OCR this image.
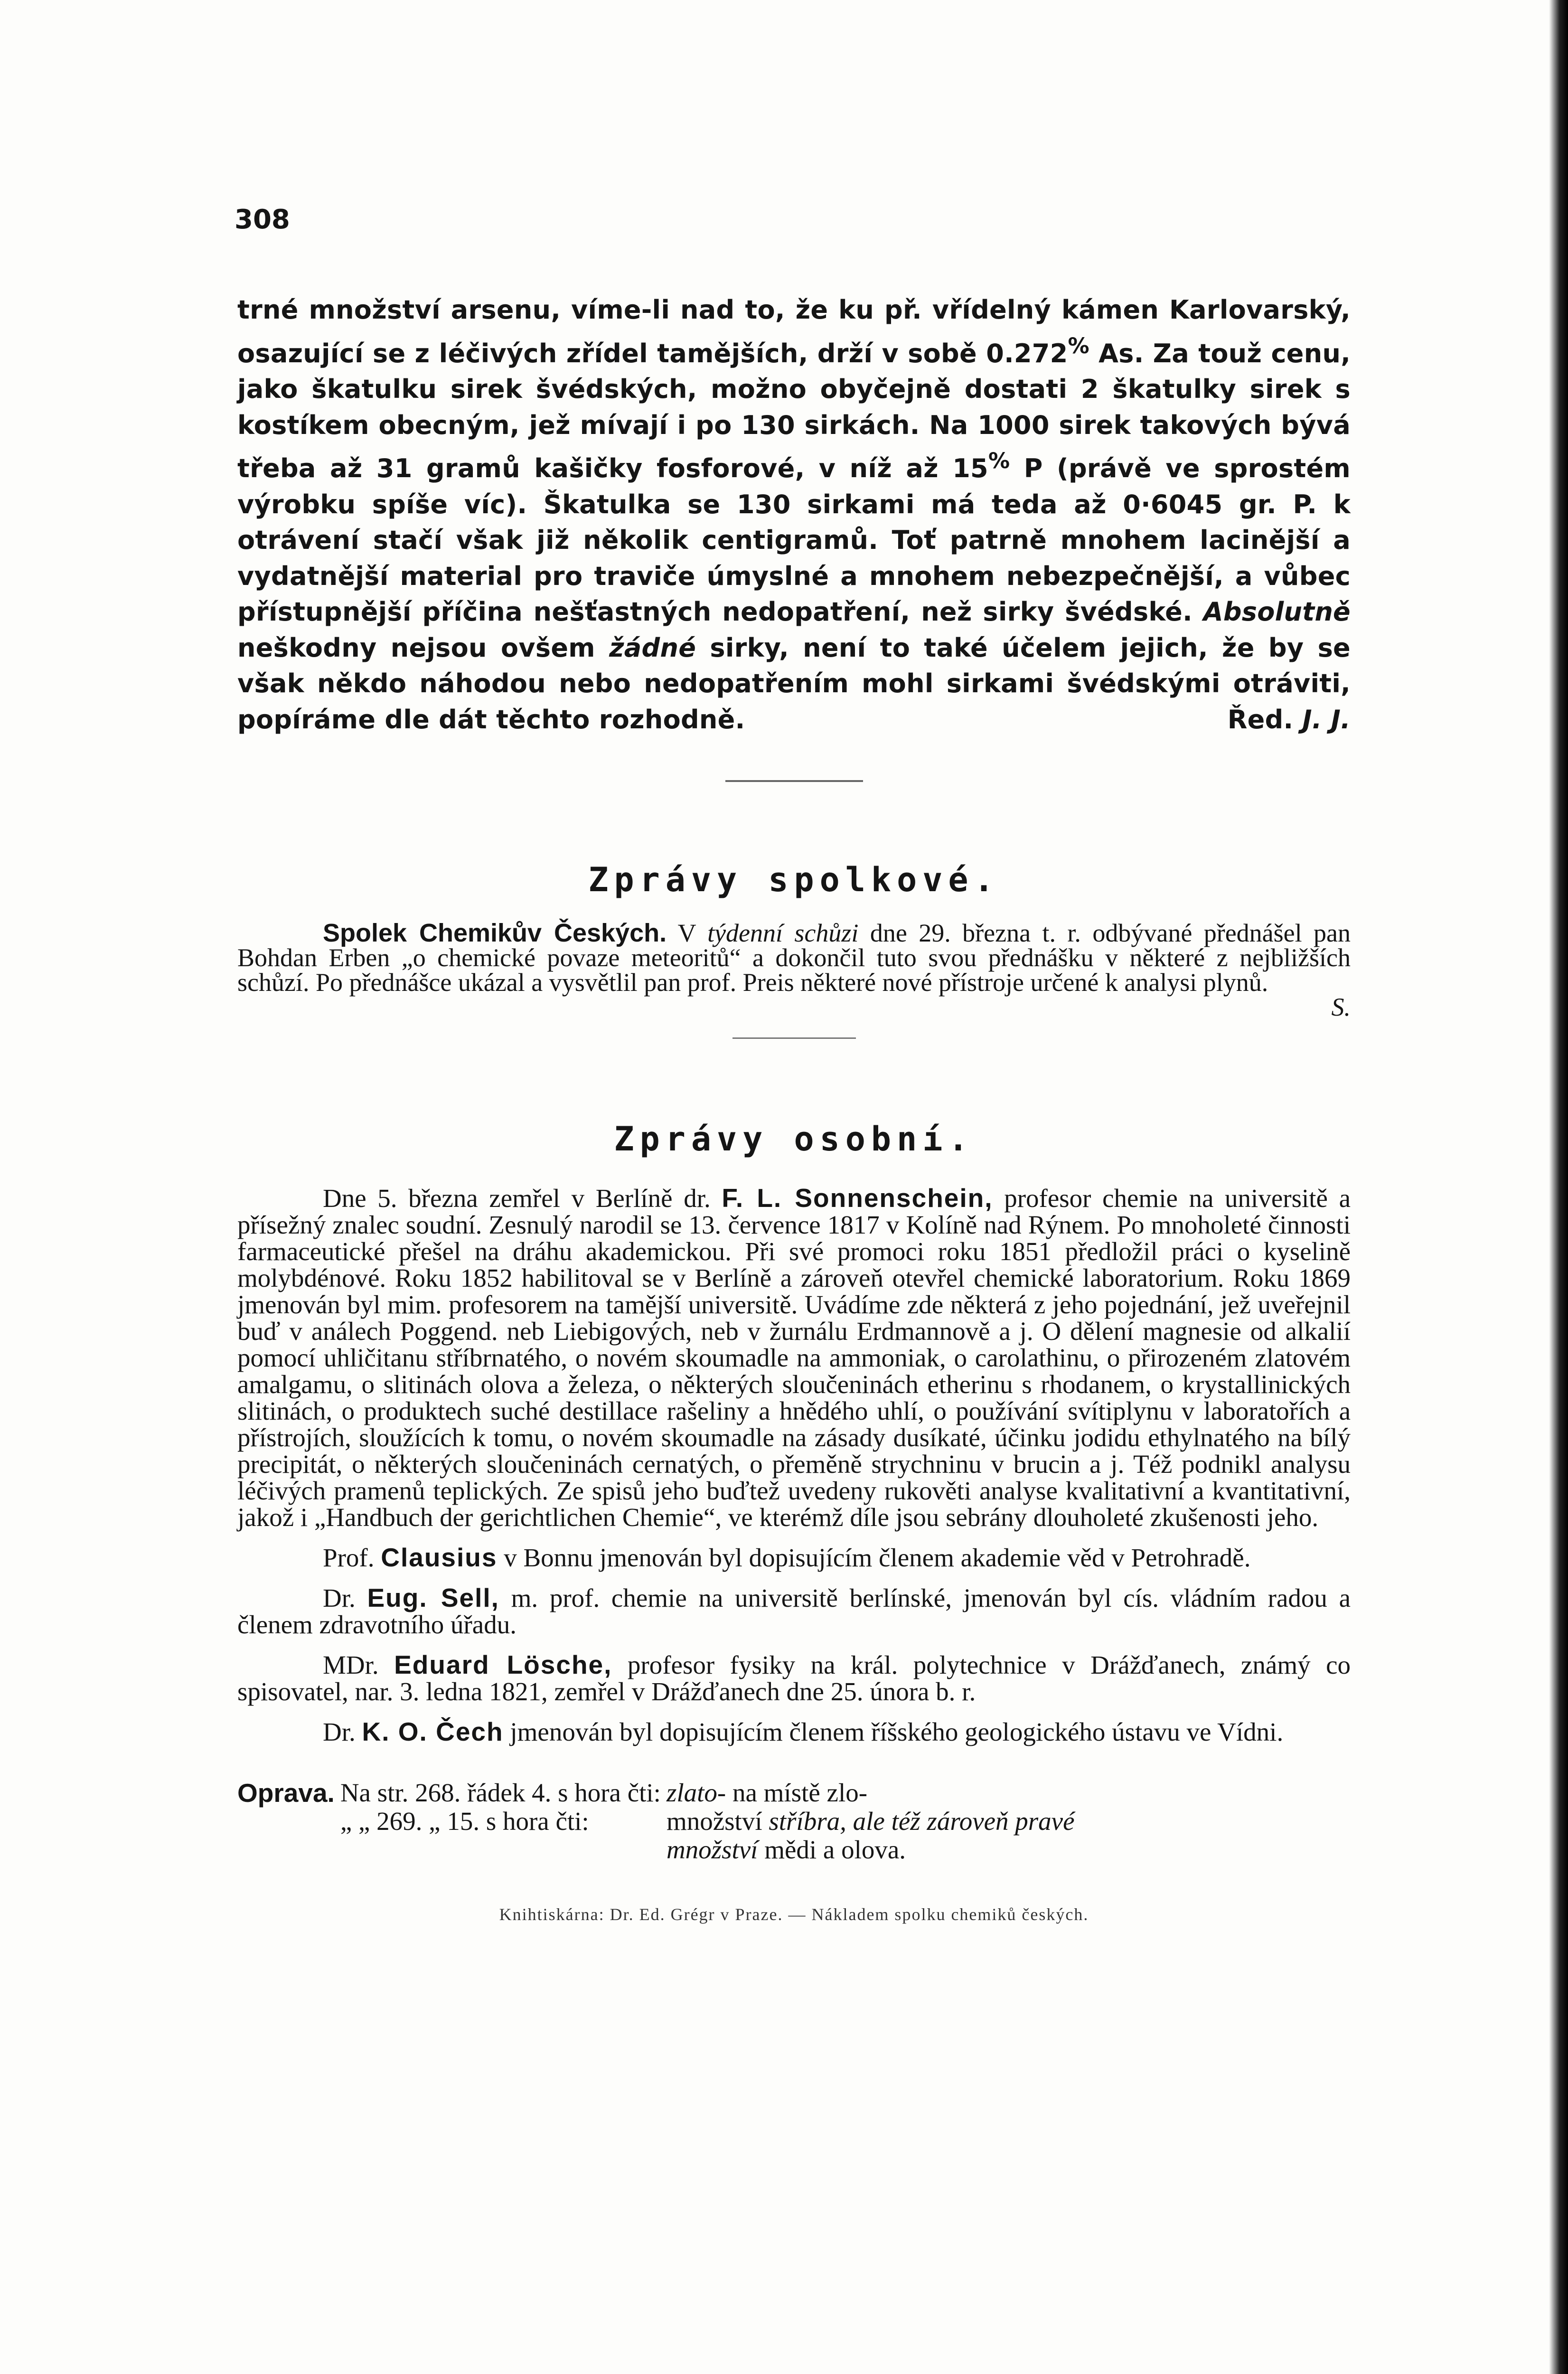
308

trné množství arsenu, víme-li nad to, že ku př. vřídelný kámen Karlovarský, osazující se z léčivých zřídel tamějších, drží v sobě 0.272% As. Za touž cenu, jako škatulku sirek švédských, možno obyčejně dostati 2 škatulky sirek s kostíkem obecným, jež mívají i po 130 sirkách. Na 1000 sirek takových bývá třeba až 31 gramů kašičky fosforové, v níž až 15% P (právě ve sprostém výrobku spíše víc). Škatulka se 130 sirkami má teda až 0·6045 gr. P. k otrávení stačí však již několik centigramů. Toť patrně mnohem lacinější a vydatnější material pro traviče úmyslné a mnohem nebezpečnější, a vůbec přístupnější příčina nešťastných nedopatření, než sirky švédské. Absolutně neškodny nejsou ovšem žádné sirky, není to také účelem jejich, že by se však někdo náhodou nebo nedopatřením mohl sirkami švédskými otráviti, popíráme dle dát těchto rozhodně.	Řed. J. J.

Zprávy spolkové.

Spolek Chemikův Českých. V týdenní schůzi dne 29. března t. r. odbývané přednášel pan Bohdan Erben „o chemické povaze meteoritů“ a dokončil tuto svou přednášku v některé z nejbližších schůzí. Po přednášce ukázal a vysvětlil pan prof. Preis některé nové přístroje určené k analysi plynů.
S.

Zprávy osobní.

Dne 5. března zemřel v Berlíně dr. F. L. Sonnenschein, profesor chemie na universitě a přísežný znalec soudní. Zesnulý narodil se 13. července 1817 v Kolíně nad Rýnem. Po mnoholeté činnosti farmaceutické přešel na dráhu akademickou. Při své promoci roku 1851 předložil práci o kyselině molybdénové. Roku 1852 habilitoval se v Berlíně a zároveň otevřel chemické laboratorium. Roku 1869 jmenován byl mim. profesorem na tamější universitě. Uvádíme zde některá z jeho pojednání, jež uveřejnil buď v análech Poggend. neb Liebigových, neb v žurnálu Erdmannově a j. O dělení magnesie od alkalií pomocí uhličitanu stříbrnatého, o novém skoumadle na ammoniak, o carolathinu, o přirozeném zlatovém amalgamu, o slitinách olova a železa, o některých sloučeninách etherinu s rhodanem, o krystallinických slitinách, o produktech suché destillace rašeliny a hnědého uhlí, o používání svítiplynu v laboratořích a přístrojích, sloužících k tomu, o novém skoumadle na zásady dusíkaté, účinku jodidu ethylnatého na bílý precipitát, o některých sloučeninách cernatých, o přeměně strychninu v brucin a j. Též podnikl analysu léčivých pramenů teplických. Ze spisů jeho buďtež uvedeny rukověti analyse kvalitativní a kvantitativní, jakož i „Handbuch der gerichtlichen Chemie“, ve kterémž díle jsou sebrány dlouholeté zkušenosti jeho.

Prof. Clausius v Bonnu jmenován byl dopisujícím členem akademie věd v Petrohradě.

Dr. Eug. Sell, m. prof. chemie na universitě berlínské, jmenován byl cís. vládním radou a členem zdravotního úřadu.

MDr. Eduard Lösche, profesor fysiky na král. polytechnice v Drážďanech, známý co spisovatel, nar. 3. ledna 1821, zemřel v Drážďanech dne 25. února b. r.

Dr. K. O. Čech jmenován byl dopisujícím členem říšského geologického ústavu ve Vídni.

Oprava.	Na str. 268. řádek 4. s hora čti:	zlato- na místě zlo-
	„ „ 269. „ 15. s hora čti:	množství stříbra, ale též zároveň pravé
		množství mědi a olova.
Knihtiskárna: Dr. Ed. Grégr v Praze. — Nákladem spolku chemiků českých.
